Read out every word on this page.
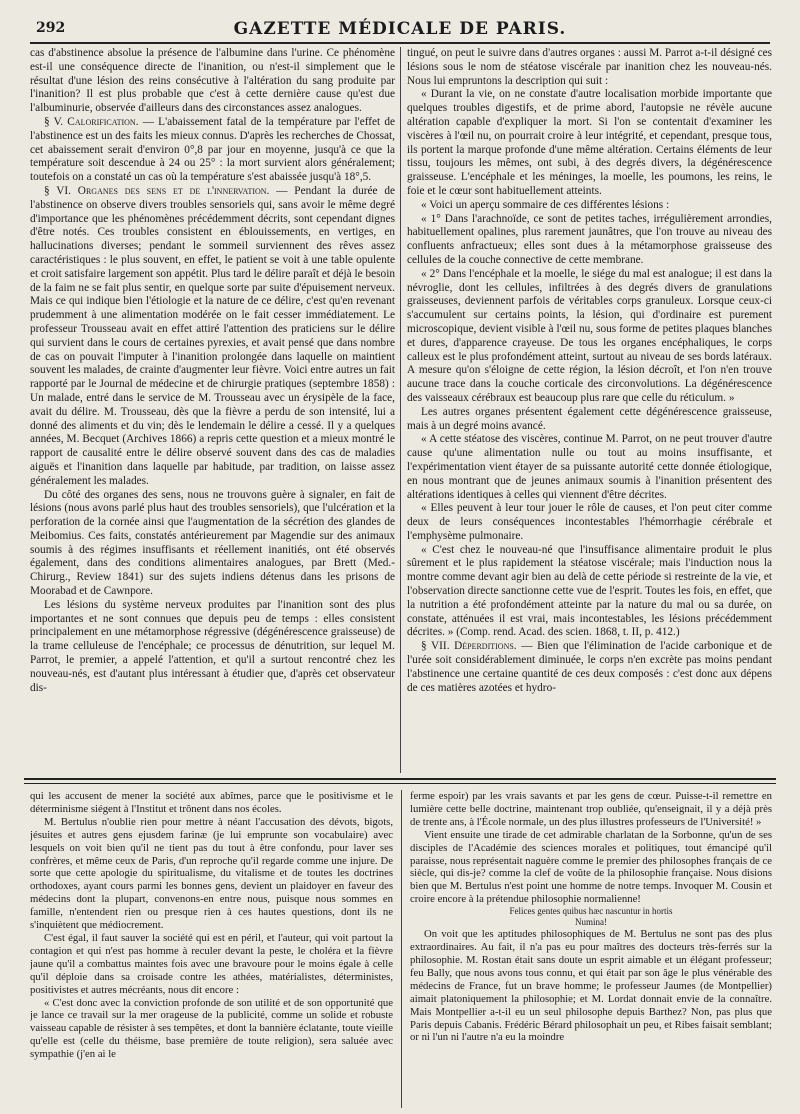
292	GAZETTE MÉDICALE DE PARIS.

cas d'abstinence absolue la présence de l'albumine dans l'urine. Ce phénomène est-il une conséquence directe de l'inanition, ou n'est-il simplement que le résultat d'une lésion des reins consécutive à l'altération du sang produite par l'inanition? Il est plus probable que c'est à cette dernière cause qu'est due l'albuminurie, observée d'ailleurs dans des circonstances assez analogues.

§ V. Calorification. — L'abaissement fatal de la température par l'effet de l'abstinence est un des faits les mieux connus. D'après les recherches de Chossat, cet abaissement serait d'environ 0°,8 par jour en moyenne, jusqu'à ce que la température soit descendue à 24 ou 25° : la mort survient alors généralement; toutefois on a constaté un cas où la température s'est abaissée jusqu'à 18°,5.

§ VI. Organes des sens et de l'innervation. — Pendant la durée de l'abstinence on observe divers troubles sensoriels qui, sans avoir le même degré d'importance que les phénomènes précédemment décrits, sont cependant dignes d'être notés. Ces troubles consistent en éblouissements, en vertiges, en hallucinations diverses; pendant le sommeil surviennent des rêves assez caractéristiques : le plus souvent, en effet, le patient se voit à une table opulente et croit satisfaire largement son appétit. Plus tard le délire paraît et déjà le besoin de la faim ne se fait plus sentir, en quelque sorte par suite d'épuisement nerveux. Mais ce qui indique bien l'étiologie et la nature de ce délire, c'est qu'en revenant prudemment à une alimentation modérée on le fait cesser immédiatement. Le professeur Trousseau avait en effet attiré l'attention des praticiens sur le délire qui survient dans le cours de certaines pyrexies, et avait pensé que dans nombre de cas on pouvait l'imputer à l'inanition prolongée dans laquelle on maintient souvent les malades, de crainte d'augmenter leur fièvre. Voici entre autres un fait rapporté par le Journal de médecine et de chirurgie pratiques (septembre 1858) : Un malade, entré dans le service de M. Trousseau avec un érysipèle de la face, avait du délire. M. Trousseau, dès que la fièvre a perdu de son intensité, lui a donné des aliments et du vin; dès le lendemain le délire a cessé. Il y a quelques années, M. Becquet (Archives 1866) a repris cette question et a mieux montré le rapport de causalité entre le délire observé souvent dans des cas de maladies aiguës et l'inanition dans laquelle par habitude, par tradition, on laisse assez généralement les malades.

Du côté des organes des sens, nous ne trouvons guère à signaler, en fait de lésions (nous avons parlé plus haut des troubles sensoriels), que l'ulcération et la perforation de la cornée ainsi que l'augmentation de la sécrétion des glandes de Meibomius. Ces faits, constatés antérieurement par Magendie sur des animaux soumis à des régimes insuffisants et réellement inanitiés, ont été observés également, dans des conditions alimentaires analogues, par Brett (Med.-Chirurg., Review 1841) sur des sujets indiens détenus dans les prisons de Moorabad et de Cawnpore.

Les lésions du système nerveux produites par l'inanition sont des plus importantes et ne sont connues que depuis peu de temps : elles consistent principalement en une métamorphose régressive (dégénérescence graisseuse) de la trame celluleuse de l'encéphale; ce processus de dénutrition, sur lequel M. Parrot, le premier, a appelé l'attention, et qu'il a surtout rencontré chez les nouveau-nés, est d'autant plus intéressant à étudier que, d'après cet observateur dis-

tingué, on peut le suivre dans d'autres organes : aussi M. Parrot a-t-il désigné ces lésions sous le nom de stéatose viscérale par inanition chez les nouveau-nés. Nous lui empruntons la description qui suit :

« Durant la vie, on ne constate d'autre localisation morbide importante que quelques troubles digestifs, et de prime abord, l'autopsie ne révèle aucune altération capable d'expliquer la mort. Si l'on se contentait d'examiner les viscères à l'œil nu, on pourrait croire à leur intégrité, et cependant, presque tous, ils portent la marque profonde d'une même altération. Certains éléments de leur tissu, toujours les mêmes, ont subi, à des degrés divers, la dégénérescence graisseuse. L'encéphale et les méninges, la moelle, les poumons, les reins, le foie et le cœur sont habituellement atteints.

« Voici un aperçu sommaire de ces différentes lésions :

« 1° Dans l'arachnoïde, ce sont de petites taches, irrégulièrement arrondies, habituellement opalines, plus rarement jaunâtres, que l'on trouve au niveau des confluents anfractueux; elles sont dues à la métamorphose graisseuse des cellules de la couche connective de cette membrane.

« 2° Dans l'encéphale et la moelle, le siége du mal est analogue; il est dans la névroglie, dont les cellules, infiltrées à des degrés divers de granulations graisseuses, deviennent parfois de véritables corps granuleux. Lorsque ceux-ci s'accumulent sur certains points, la lésion, qui d'ordinaire est purement microscopique, devient visible à l'œil nu, sous forme de petites plaques blanches et dures, d'apparence crayeuse. De tous les organes encéphaliques, le corps calleux est le plus profondément atteint, surtout au niveau de ses bords latéraux. A mesure qu'on s'éloigne de cette région, la lésion décroît, et l'on n'en trouve aucune trace dans la couche corticale des circonvolutions. La dégénérescence des vaisseaux cérébraux est beaucoup plus rare que celle du réticulum. »

Les autres organes présentent également cette dégénérescence graisseuse, mais à un degré moins avancé.

« A cette stéatose des viscères, continue M. Parrot, on ne peut trouver d'autre cause qu'une alimentation nulle ou tout au moins insuffisante, et l'expérimentation vient étayer de sa puissante autorité cette donnée étiologique, en nous montrant que de jeunes animaux soumis à l'inanition présentent des altérations identiques à celles qui viennent d'être décrites.

« Elles peuvent à leur tour jouer le rôle de causes, et l'on peut citer comme deux de leurs conséquences incontestables l'hémorrhagie cérébrale et l'emphysème pulmonaire.

« C'est chez le nouveau-né que l'insuffisance alimentaire produit le plus sûrement et le plus rapidement la stéatose viscérale; mais l'induction nous la montre comme devant agir bien au delà de cette période si restreinte de la vie, et l'observation directe sanctionne cette vue de l'esprit. Toutes les fois, en effet, que la nutrition a été profondément atteinte par la nature du mal ou sa durée, on constate, atténuées il est vrai, mais incontestables, les lésions précédemment décrites. » (Comp. rend. Acad. des scien. 1868, t. II, p. 412.)

§ VII. Déperditions. — Bien que l'élimination de l'acide carbonique et de l'urée soit considérablement diminuée, le corps n'en excrète pas moins pendant l'abstinence une certaine quantité de ces deux composés : c'est donc aux dépens de ces matières azotées et hydro-

qui les accusent de mener la société aux abîmes, parce que le positivisme et le déterminisme siégent à l'Institut et trônent dans nos écoles.

M. Bertulus n'oublie rien pour mettre à néant l'accusation des dévots, bigots, jésuites et autres gens ejusdem farinæ (je lui emprunte son vocabulaire) avec lesquels on voit bien qu'il ne tient pas du tout à être confondu, pour laver ses confrères, et même ceux de Paris, d'un reproche qu'il regarde comme une injure. De sorte que cette apologie du spiritualisme, du vitalisme et de toutes les doctrines orthodoxes, ayant cours parmi les bonnes gens, devient un plaidoyer en faveur des médecins dont la plupart, convenons-en entre nous, puisque nous sommes en famille, n'entendent rien ou presque rien à ces hautes questions, dont ils ne s'inquiètent que médiocrement.

C'est égal, il faut sauver la société qui est en péril, et l'auteur, qui voit partout la contagion et qui n'est pas homme à reculer devant la peste, le choléra et la fièvre jaune qu'il a combattus maintes fois avec une bravoure pour le moins égale à celle qu'il déploie dans sa croisade contre les athées, matérialistes, déterministes, positivistes et autres mécréants, nous dit encore :

« C'est donc avec la conviction profonde de son utilité et de son opportunité que je lance ce travail sur la mer orageuse de la publicité, comme un solide et robuste vaisseau capable de résister à ses tempêtes, et dont la bannière éclatante, toute vieille qu'elle est (celle du théisme, base première de toute religion), sera saluée avec sympathie (j'en ai le

ferme espoir) par les vrais savants et par les gens de cœur. Puisse-t-il remettre en lumière cette belle doctrine, maintenant trop oubliée, qu'enseignait, il y a déjà près de trente ans, à l'École normale, un des plus illustres professeurs de l'Université! »

Vient ensuite une tirade de cet admirable charlatan de la Sorbonne, qu'un de ses disciples de l'Académie des sciences morales et politiques, tout émancipé qu'il paraisse, nous représentait naguère comme le premier des philosophes français de ce siècle, qui dis-je? comme la clef de voûte de la philosophie française. Nous disions bien que M. Bertulus n'est point une homme de notre temps. Invoquer M. Cousin et croire encore à la prétendue philosophie normalienne!

Felices gentes quibus hæc nascuntur in hortis
Numina!

On voit que les aptitudes philosophiques de M. Bertulus ne sont pas des plus extraordinaires. Au fait, il n'a pas eu pour maîtres des docteurs très-ferrés sur la philosophie. M. Rostan était sans doute un esprit aimable et un élégant professeur; feu Bally, que nous avons tous connu, et qui était par son âge le plus vénérable des médecins de France, fut un brave homme; le professeur Jaumes (de Montpellier) aimait platoniquement la philosophie; et M. Lordat donnait envie de la connaître. Mais Montpellier a-t-il eu un seul philosophe depuis Barthez? Non, pas plus que Paris depuis Cabanis. Frédéric Bérard philosophait un peu, et Ribes faisait semblant; or ni l'un ni l'autre n'a eu la moindre
